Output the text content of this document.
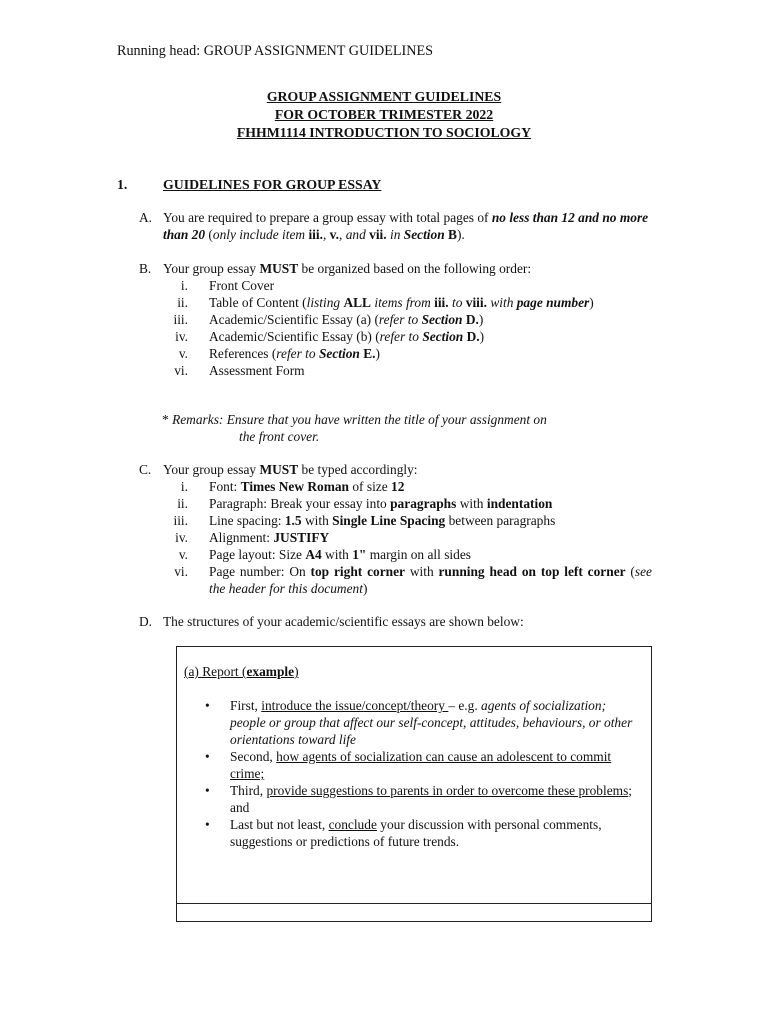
Running head: GROUP ASSIGNMENT GUIDELINES
GROUP ASSIGNMENT GUIDELINES
FOR OCTOBER TRIMESTER 2022
FHHM1114 INTRODUCTION TO SOCIOLOGY
1.	GUIDELINES FOR GROUP ESSAY
A. You are required to prepare a group essay with total pages of no less than 12 and no more than 20 (only include item iii., v., and vii. in Section B).
B. Your group essay MUST be organized based on the following order:
i. Front Cover
ii. Table of Content (listing ALL items from iii. to viii. with page number)
iii. Academic/Scientific Essay (a) (refer to Section D.)
iv. Academic/Scientific Essay (b) (refer to Section D.)
v. References (refer to Section E.)
vi. Assessment Form
* Remarks: Ensure that you have written the title of your assignment on
the front cover.
C. Your group essay MUST be typed accordingly:
i. Font: Times New Roman of size 12
ii. Paragraph: Break your essay into paragraphs with indentation
iii. Line spacing: 1.5 with Single Line Spacing between paragraphs
iv. Alignment: JUSTIFY
v. Page layout: Size A4 with 1" margin on all sides
vi. Page number: On top right corner with running head on top left corner (see the header for this document)
D. The structures of your academic/scientific essays are shown below:
(a) Report (example)
• First, introduce the issue/concept/theory – e.g. agents of socialization; people or group that affect our self-concept, attitudes, behaviours, or other orientations toward life
• Second, how agents of socialization can cause an adolescent to commit crime;
• Third, provide suggestions to parents in order to overcome these problems; and
• Last but not least, conclude your discussion with personal comments, suggestions or predictions of future trends.
